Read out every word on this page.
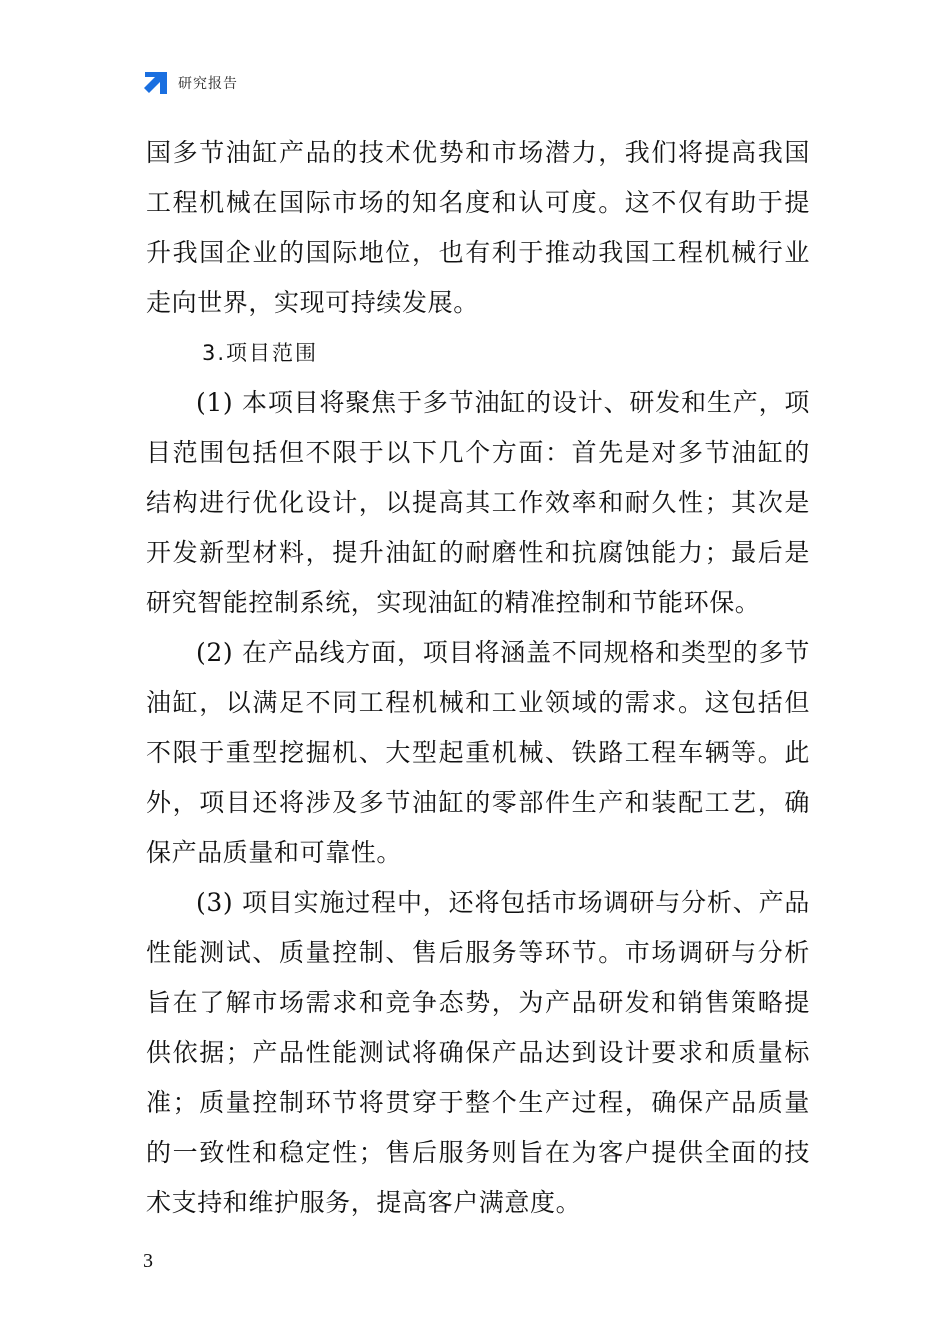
研究报告

国多节油缸产品的技术优势和市场潜力，我们将提高我国工程机械在国际市场的知名度和认可度。这不仅有助于提升我国企业的国际地位，也有利于推动我国工程机械行业走向世界，实现可持续发展。

3.项目范围

(1) 本项目将聚焦于多节油缸的设计、研发和生产，项目范围包括但不限于以下几个方面：首先是对多节油缸的结构进行优化设计，以提高其工作效率和耐久性；其次是开发新型材料，提升油缸的耐磨性和抗腐蚀能力；最后是研究智能控制系统，实现油缸的精准控制和节能环保。

(2) 在产品线方面，项目将涵盖不同规格和类型的多节油缸，以满足不同工程机械和工业领域的需求。这包括但不限于重型挖掘机、大型起重机械、铁路工程车辆等。此外，项目还将涉及多节油缸的零部件生产和装配工艺，确保产品质量和可靠性。

(3) 项目实施过程中，还将包括市场调研与分析、产品性能测试、质量控制、售后服务等环节。市场调研与分析旨在了解市场需求和竞争态势，为产品研发和销售策略提供依据；产品性能测试将确保产品达到设计要求和质量标准；质量控制环节将贯穿于整个生产过程，确保产品质量的一致性和稳定性；售后服务则旨在为客户提供全面的技术支持和维护服务，提高客户满意度。

3
